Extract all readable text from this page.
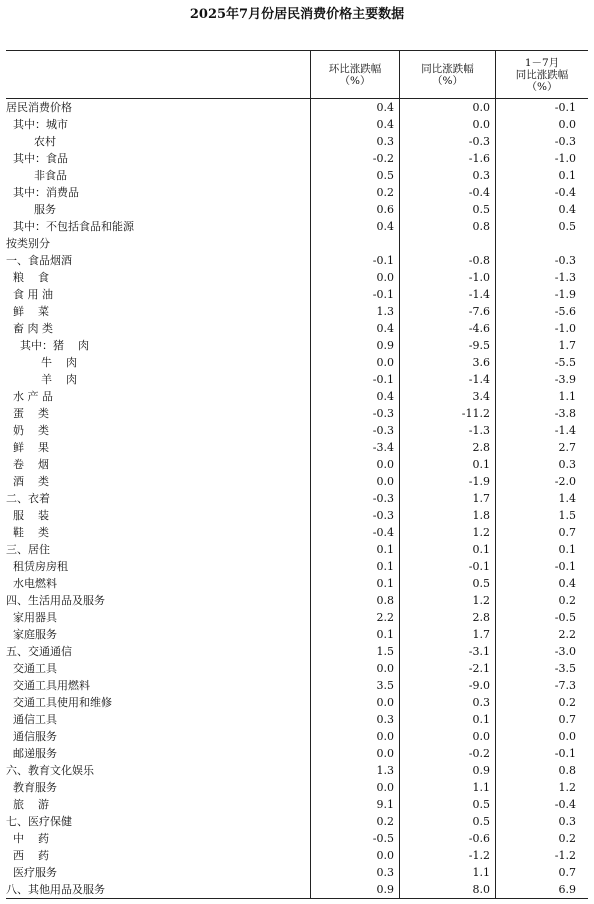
2025年7月份居民消费价格主要数据
环比涨跌幅
（%）
同比涨跌幅
（%）
1－7月
同比涨跌幅
（%）
居民消费价格	0.4	0.0	-0.1
其中：城市	0.4	0.0	0.0
农村	0.3	-0.3	-0.3
其中：食品	-0.2	-1.6	-1.0
非食品	0.5	0.3	0.1
其中：消费品	0.2	-0.4	-0.4
服务	0.6	0.5	0.4
其中：不包括食品和能源	0.4	0.8	0.5
按类别分
一、食品烟酒	-0.1	-0.8	-0.3
粮    食	0.0	-1.0	-1.3
食 用 油	-0.1	-1.4	-1.9
鲜    菜	1.3	-7.6	-5.6
畜 肉 类	0.4	-4.6	-1.0
其中：猪    肉	0.9	-9.5	1.7
牛    肉	0.0	3.6	-5.5
羊    肉	-0.1	-1.4	-3.9
水 产 品	0.4	3.4	1.1
蛋    类	-0.3	-11.2	-3.8
奶    类	-0.3	-1.3	-1.4
鲜    果	-3.4	2.8	2.7
卷    烟	0.0	0.1	0.3
酒    类	0.0	-1.9	-2.0
二、衣着	-0.3	1.7	1.4
服    装	-0.3	1.8	1.5
鞋    类	-0.4	1.2	0.7
三、居住	0.1	0.1	0.1
租赁房房租	0.1	-0.1	-0.1
水电燃料	0.1	0.5	0.4
四、生活用品及服务	0.8	1.2	0.2
家用器具	2.2	2.8	-0.5
家庭服务	0.1	1.7	2.2
五、交通通信	1.5	-3.1	-3.0
交通工具	0.0	-2.1	-3.5
交通工具用燃料	3.5	-9.0	-7.3
交通工具使用和维修	0.0	0.3	0.2
通信工具	0.3	0.1	0.7
通信服务	0.0	0.0	0.0
邮递服务	0.0	-0.2	-0.1
六、教育文化娱乐	1.3	0.9	0.8
教育服务	0.0	1.1	1.2
旅    游	9.1	0.5	-0.4
七、医疗保健	0.2	0.5	0.3
中    药	-0.5	-0.6	0.2
西    药	0.0	-1.2	-1.2
医疗服务	0.3	1.1	0.7
八、其他用品及服务	0.9	8.0	6.9
